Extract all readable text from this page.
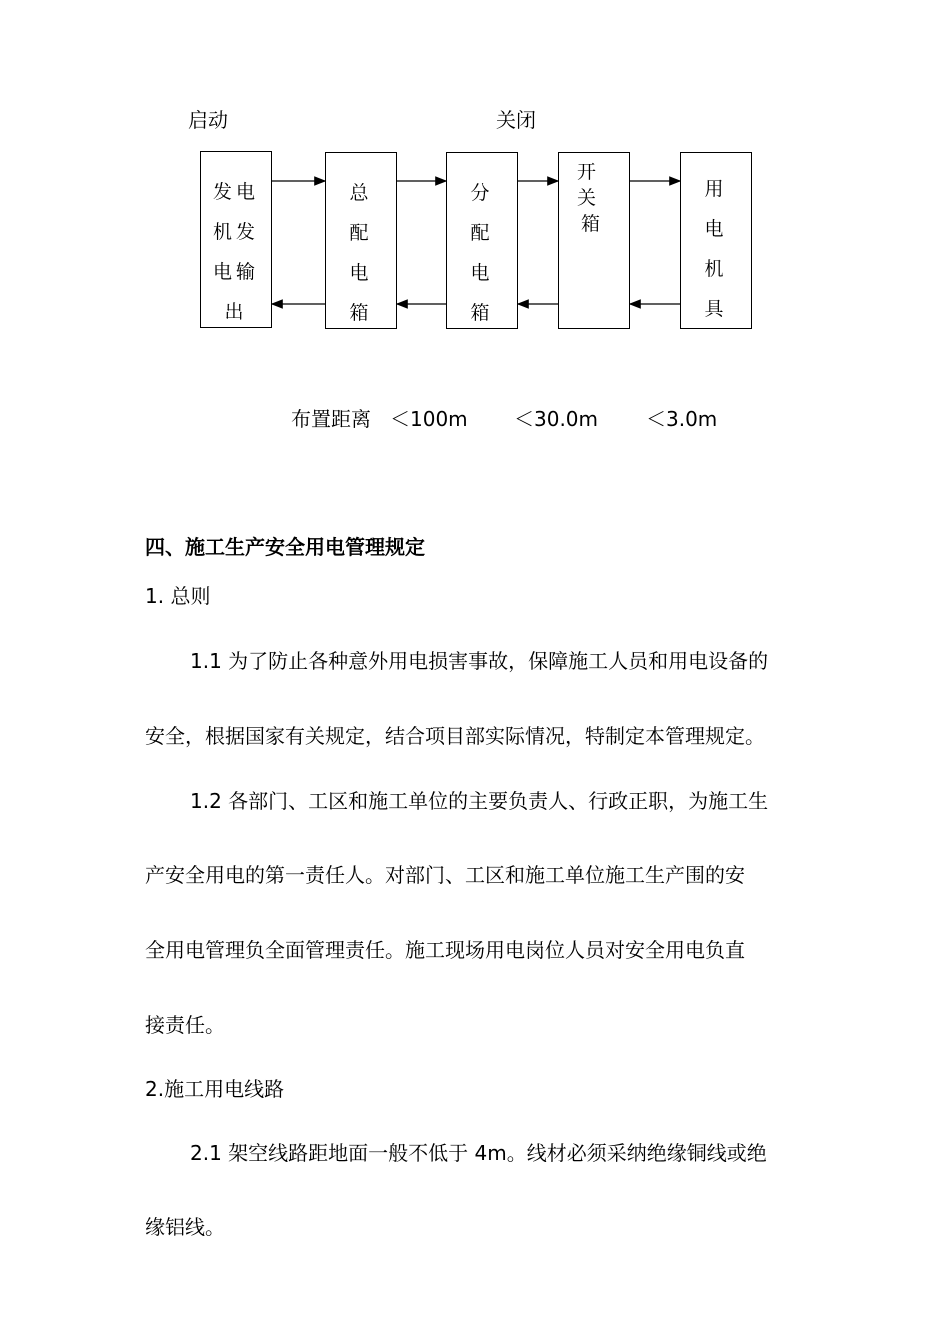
启动	关闭
发电
机发
电输
出
总
配
电
箱
分
配
电
箱
开
关
箱
用
电
机
具
布置距离 ＜100m ＜30.0m ＜3.0m
四、施工生产安全用电管理规定
1. 总则
1.1 为了防止各种意外用电损害事故，保障施工人员和用电设备的
安全，根据国家有关规定，结合项目部实际情况，特制定本管理规定。
1.2 各部门、工区和施工单位的主要负责人、行政正职，为施工生
产安全用电的第一责任人。对部门、工区和施工单位施工生产围的安
全用电管理负全面管理责任。施工现场用电岗位人员对安全用电负直
接责任。
2.施工用电线路
2.1 架空线路距地面一般不低于 4m。线材必须采纳绝缘铜线或绝
缘铝线。
